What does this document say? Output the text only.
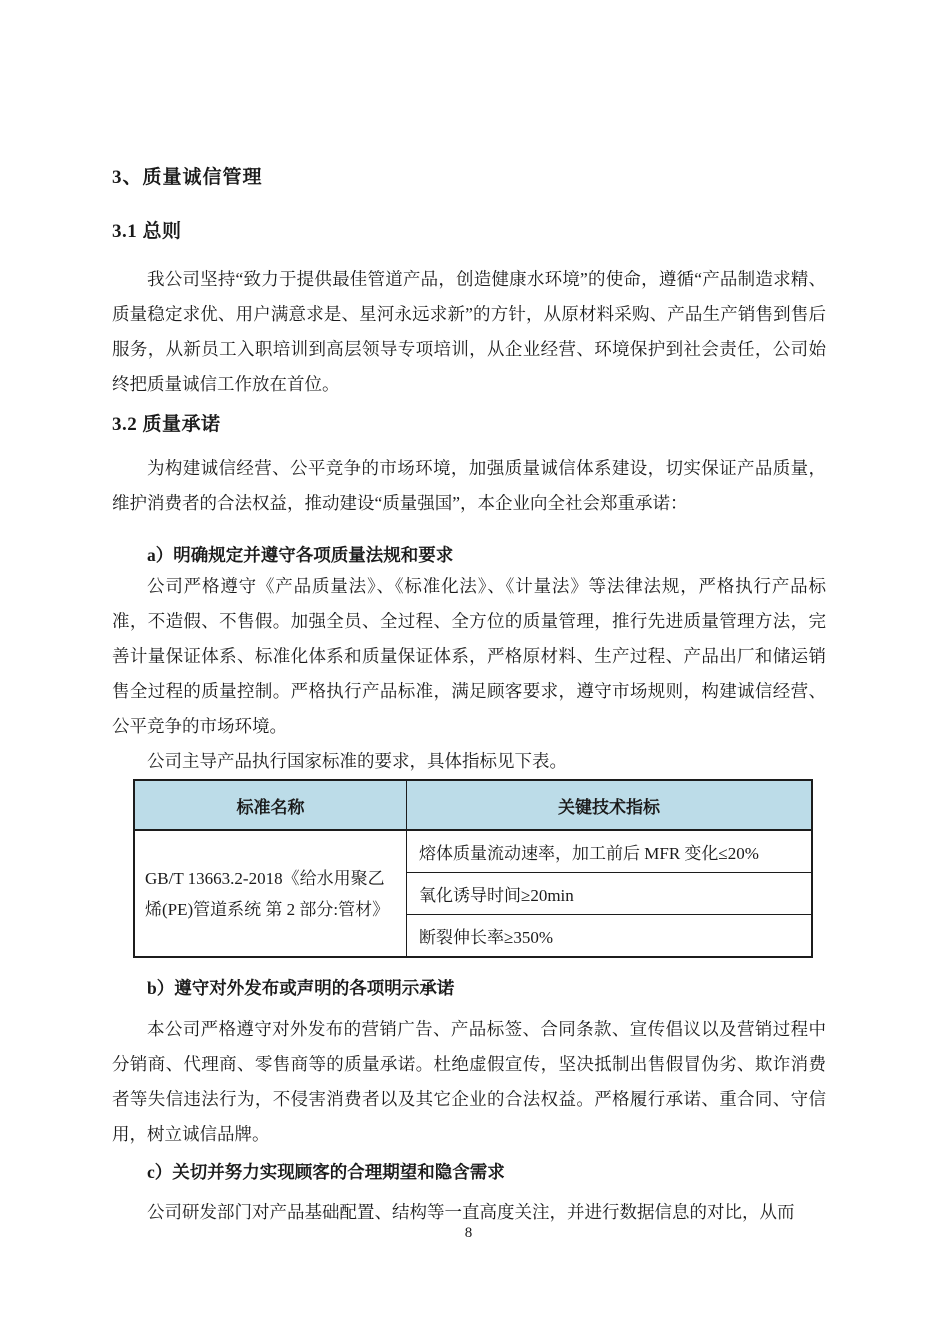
3、质量诚信管理
3.1 总则

我公司坚持“致力于提供最佳管道产品，创造健康水环境”的使命，遵循“产品制造求精、质量稳定求优、用户满意求是、星河永远求新”的方针，从原材料采购、产品生产销售到售后服务，从新员工入职培训到高层领导专项培训，从企业经营、环境保护到社会责任，公司始终把质量诚信工作放在首位。

3.2 质量承诺

为构建诚信经营、公平竞争的市场环境，加强质量诚信体系建设，切实保证产品质量，维护消费者的合法权益，推动建设“质量强国”，本企业向全社会郑重承诺：

a）明确规定并遵守各项质量法规和要求

公司严格遵守《产品质量法》、《标准化法》、《计量法》等法律法规，严格执行产品标准，不造假、不售假。加强全员、全过程、全方位的质量管理，推行先进质量管理方法，完善计量保证体系、标准化体系和质量保证体系，严格原材料、生产过程、产品出厂和储运销售全过程的质量控制。严格执行产品标准，满足顾客要求，遵守市场规则，构建诚信经营、公平竞争的市场环境。

公司主导产品执行国家标准的要求，具体指标见下表。

标准名称	关键技术指标
GB/T 13663.2-2018《给水用聚乙烯(PE)管道系统 第 2 部分:管材》	熔体质量流动速率，加工前后 MFR 变化≤20%
	氧化诱导时间≥20min
	断裂伸长率≥350%
b）遵守对外发布或声明的各项明示承诺

本公司严格遵守对外发布的营销广告、产品标签、合同条款、宣传倡议以及营销过程中分销商、代理商、零售商等的质量承诺。杜绝虚假宣传，坚决抵制出售假冒伪劣、欺诈消费者等失信违法行为，不侵害消费者以及其它企业的合法权益。严格履行承诺、重合同、守信用，树立诚信品牌。

c）关切并努力实现顾客的合理期望和隐含需求

公司研发部门对产品基础配置、结构等一直高度关注，并进行数据信息的对比，从而

8
